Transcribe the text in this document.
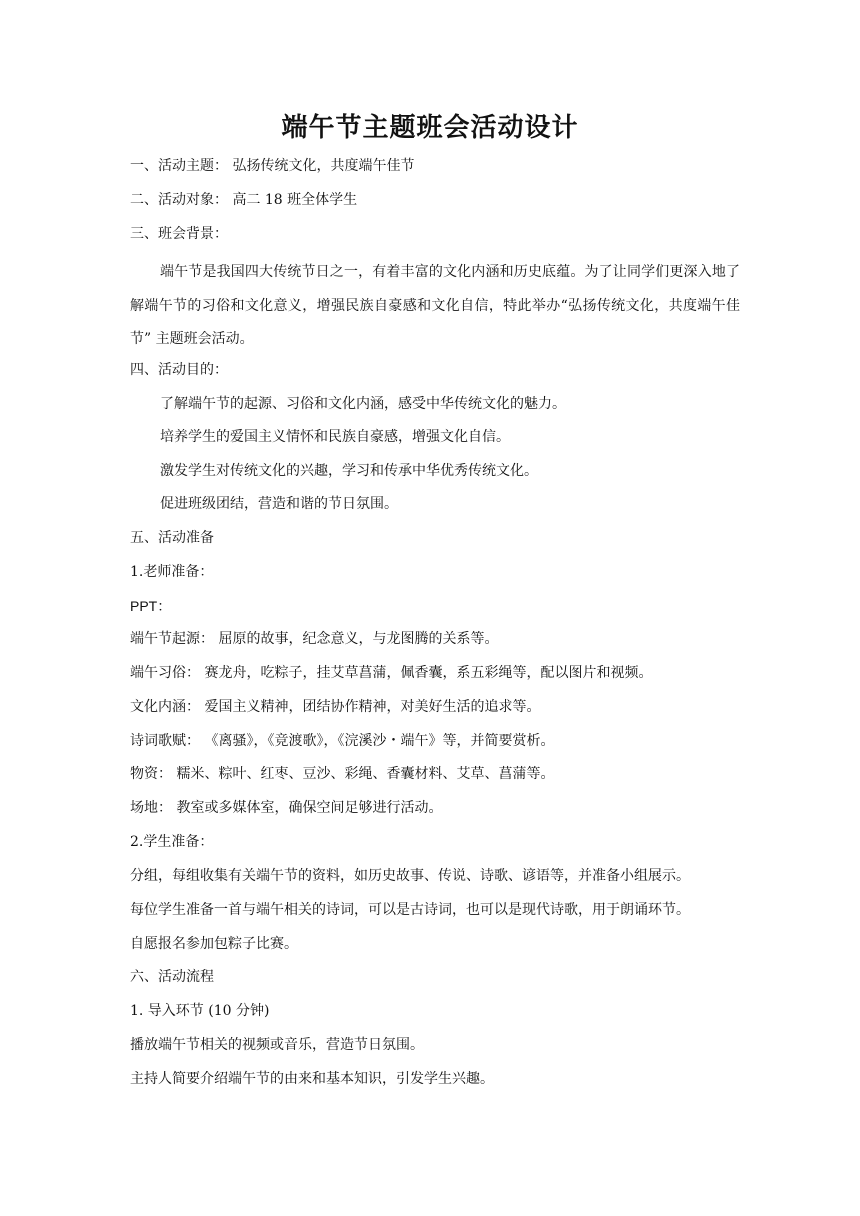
端午节主题班会活动设计
一、活动主题： 弘扬传统文化，共度端午佳节
二、活动对象： 高二 18 班全体学生
三、班会背景：
端午节是我国四大传统节日之一，有着丰富的文化内涵和历史底蕴。为了让同学们更深入地了解端午节的习俗和文化意义，增强民族自豪感和文化自信，特此举办“弘扬传统文化，共度端午佳节” 主题班会活动。
四、活动目的：
了解端午节的起源、习俗和文化内涵，感受中华传统文化的魅力。
培养学生的爱国主义情怀和民族自豪感，增强文化自信。
激发学生对传统文化的兴趣，学习和传承中华优秀传统文化。
促进班级团结，营造和谐的节日氛围。
五、活动准备
1.老师准备：
PPT：
端午节起源： 屈原的故事，纪念意义，与龙图腾的关系等。
端午习俗： 赛龙舟，吃粽子，挂艾草菖蒲，佩香囊，系五彩绳等，配以图片和视频。
文化内涵： 爱国主义精神，团结协作精神，对美好生活的追求等。
诗词歌赋： 《离骚》，《竞渡歌》，《浣溪沙・端午》等，并简要赏析。
物资： 糯米、粽叶、红枣、豆沙、彩绳、香囊材料、艾草、菖蒲等。
场地： 教室或多媒体室，确保空间足够进行活动。
2.学生准备：
分组，每组收集有关端午节的资料，如历史故事、传说、诗歌、谚语等，并准备小组展示。
每位学生准备一首与端午相关的诗词，可以是古诗词，也可以是现代诗歌，用于朗诵环节。
自愿报名参加包粽子比赛。
六、活动流程
1. 导入环节 (10 分钟)
播放端午节相关的视频或音乐，营造节日氛围。
主持人简要介绍端午节的由来和基本知识，引发学生兴趣。
